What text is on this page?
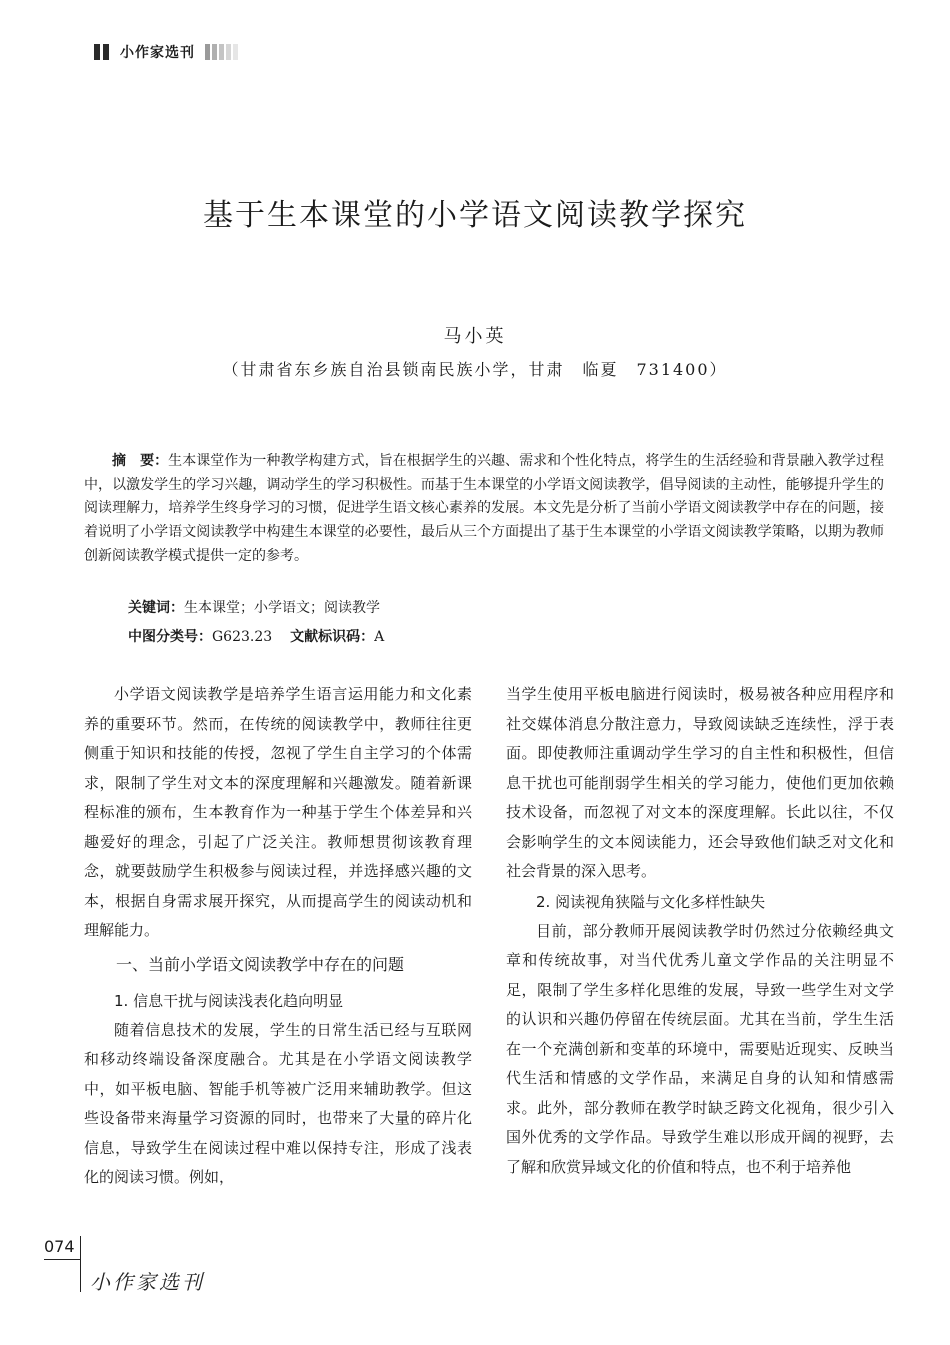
小作家选刊
基于生本课堂的小学语文阅读教学探究
马小英
（甘肃省东乡族自治县锁南民族小学，甘肃　临夏　731400）
摘　要：生本课堂作为一种教学构建方式，旨在根据学生的兴趣、需求和个性化特点，将学生的生活经验和背景融入教学过程中，以激发学生的学习兴趣，调动学生的学习积极性。而基于生本课堂的小学语文阅读教学，倡导阅读的主动性，能够提升学生的阅读理解力，培养学生终身学习的习惯，促进学生语文核心素养的发展。本文先是分析了当前小学语文阅读教学中存在的问题，接着说明了小学语文阅读教学中构建生本课堂的必要性，最后从三个方面提出了基于生本课堂的小学语文阅读教学策略，以期为教师创新阅读教学模式提供一定的参考。
关键词：生本课堂；小学语文；阅读教学
中图分类号：G623.23 文献标识码：A

小学语文阅读教学是培养学生语言运用能力和文化素养的重要环节。然而，在传统的阅读教学中，教师往往更侧重于知识和技能的传授，忽视了学生自主学习的个体需求，限制了学生对文本的深度理解和兴趣激发。随着新课程标准的颁布，生本教育作为一种基于学生个体差异和兴趣爱好的理念，引起了广泛关注。教师想贯彻该教育理念，就要鼓励学生积极参与阅读过程，并选择感兴趣的文本，根据自身需求展开探究，从而提高学生的阅读动机和理解能力。

一、当前小学语文阅读教学中存在的问题
1. 信息干扰与阅读浅表化趋向明显

随着信息技术的发展，学生的日常生活已经与互联网和移动终端设备深度融合。尤其是在小学语文阅读教学中，如平板电脑、智能手机等被广泛用来辅助教学。但这些设备带来海量学习资源的同时，也带来了大量的碎片化信息，导致学生在阅读过程中难以保持专注，形成了浅表化的阅读习惯。例如，

当学生使用平板电脑进行阅读时，极易被各种应用程序和社交媒体消息分散注意力，导致阅读缺乏连续性，浮于表面。即使教师注重调动学生学习的自主性和积极性，但信息干扰也可能削弱学生相关的学习能力，使他们更加依赖技术设备，而忽视了对文本的深度理解。长此以往，不仅会影响学生的文本阅读能力，还会导致他们缺乏对文化和社会背景的深入思考。

2. 阅读视角狭隘与文化多样性缺失

目前，部分教师开展阅读教学时仍然过分依赖经典文章和传统故事，对当代优秀儿童文学作品的关注明显不足，限制了学生多样化思维的发展，导致一些学生对文学的认识和兴趣仍停留在传统层面。尤其在当前，学生生活在一个充满创新和变革的环境中，需要贴近现实、反映当代生活和情感的文学作品，来满足自身的认知和情感需求。此外，部分教师在教学时缺乏跨文化视角，很少引入国外优秀的文学作品。导致学生难以形成开阔的视野，去了解和欣赏异域文化的价值和特点，也不利于培养他

074
小作家选刊
